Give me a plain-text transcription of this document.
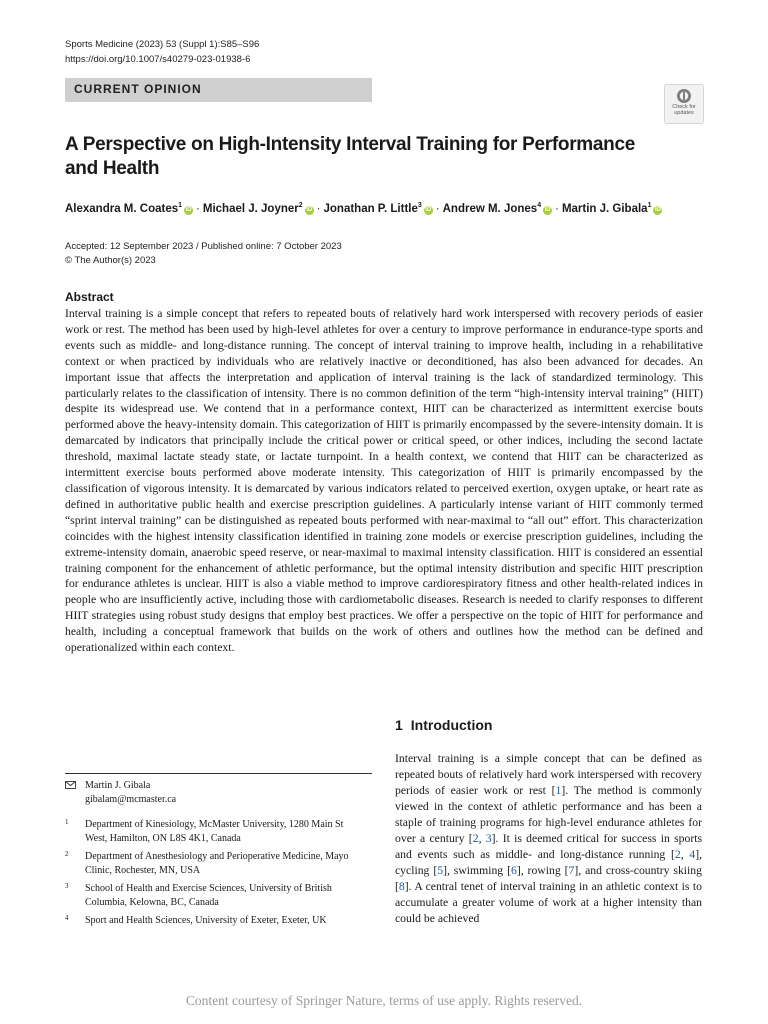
Sports Medicine (2023) 53 (Suppl 1):S85–S96
https://doi.org/10.1007/s40279-023-01938-6
CURRENT OPINION
Check for
updates
A Perspective on High-Intensity Interval Training for Performance and Health
Alexandra M. Coates$^1$iD · Michael J. Joyner$^2$iD · Jonathan P. Little$^3$iD · Andrew M. Jones$^4$iD · Martin J. Gibala$^1$iD
Accepted: 12 September 2023 / Published online: 7 October 2023
© The Author(s) 2023
Abstract
Interval training is a simple concept that refers to repeated bouts of relatively hard work interspersed with recovery periods of easier work or rest. The method has been used by high-level athletes for over a century to improve performance in endurance-type sports and events such as middle- and long-distance running. The concept of interval training to improve health, including in a rehabilitative context or when practiced by individuals who are relatively inactive or deconditioned, has also been advanced for decades. An important issue that affects the interpretation and application of interval training is the lack of standardized terminology. This particularly relates to the classification of intensity. There is no common definition of the term “high-intensity interval training” (HIIT) despite its widespread use. We contend that in a performance context, HIIT can be characterized as intermittent exercise bouts performed above the heavy-intensity domain. This categorization of HIIT is primarily encompassed by the severe-intensity domain. It is demarcated by indicators that principally include the critical power or critical speed, or other indices, including the second lactate threshold, maximal lactate steady state, or lactate turnpoint. In a health context, we contend that HIIT can be characterized as intermittent exercise bouts performed above moderate intensity. This categorization of HIIT is primarily encompassed by the classification of vigorous intensity. It is demarcated by various indicators related to perceived exertion, oxygen uptake, or heart rate as defined in authoritative public health and exercise prescription guidelines. A particularly intense variant of HIIT commonly termed “sprint interval training” can be distinguished as repeated bouts performed with near-maximal to “all out” effort. This characterization coincides with the highest intensity classification identified in training zone models or exercise prescription guidelines, including the extreme-intensity domain, anaerobic speed reserve, or near-maximal to maximal intensity classification. HIIT is considered an essential training component for the enhancement of athletic performance, but the optimal intensity distribution and specific HIIT prescription for endurance athletes is unclear. HIIT is also a viable method to improve cardiorespiratory fitness and other health-related indices in people who are insufficiently active, including those with cardiometabolic diseases. Research is needed to clarify responses to different HIIT strategies using robust study designs that employ best practices. We offer a perspective on the topic of HIIT for performance and health, including a conceptual framework that builds on the work of others and outlines how the method can be defined and operationalized within each context.
Martin J. Gibala
gibalam@mcmaster.ca
1 Department of Kinesiology, McMaster University, 1280 Main St West, Hamilton, ON L8S 4K1, Canada
2 Department of Anesthesiology and Perioperative Medicine, Mayo Clinic, Rochester, MN, USA
3 School of Health and Exercise Sciences, University of British Columbia, Kelowna, BC, Canada
4 Sport and Health Sciences, University of Exeter, Exeter, UK
1 Introduction
Interval training is a simple concept that can be defined as repeated bouts of relatively hard work interspersed with recovery periods of easier work or rest [1]. The method is commonly viewed in the context of athletic performance and has been a staple of training programs for high-level endurance athletes for over a century [2, 3]. It is deemed critical for success in sports and events such as middle- and long-distance running [2, 4], cycling [5], swimming [6], rowing [7], and cross-country skiing [8]. A central tenet of interval training in an athletic context is to accumulate a greater volume of work at a higher intensity than could be achieved
Content courtesy of Springer Nature, terms of use apply. Rights reserved.
